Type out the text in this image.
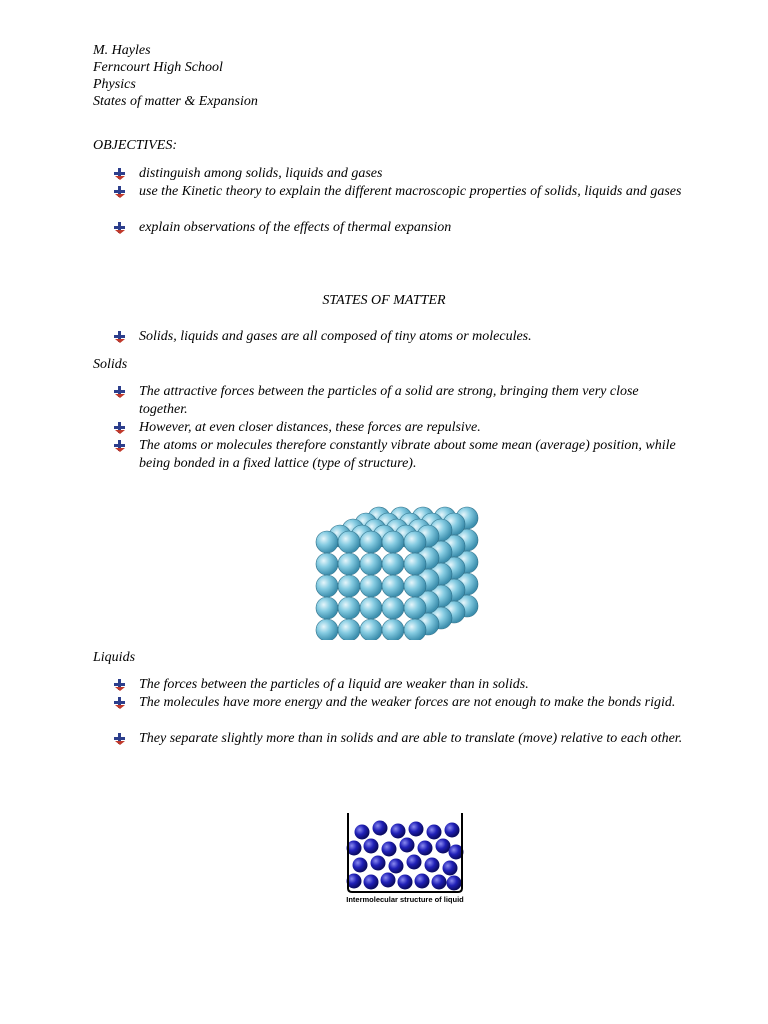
M. Hayles
Ferncourt High School
Physics
States of matter & Expansion
OBJECTIVES:
distinguish among solids, liquids and gases
use the Kinetic theory to explain the different macroscopic properties of solids, liquids and gases
explain observations of the effects of thermal expansion
STATES OF MATTER
Solids, liquids and gases are all composed of tiny atoms or molecules.
Solids
The attractive forces between the particles of a solid are strong, bringing them very close together.
However, at even closer distances, these forces are repulsive.
The atoms or molecules therefore constantly vibrate about some mean (average) position, while being bonded in a fixed lattice (type of structure).
Liquids
The forces between the particles of a liquid are weaker than in solids.
The molecules have more energy and the weaker forces are not enough to make the bonds rigid.
They separate slightly more than in solids and are able to translate (move) relative to each other.
Intermolecular structure of liquid
